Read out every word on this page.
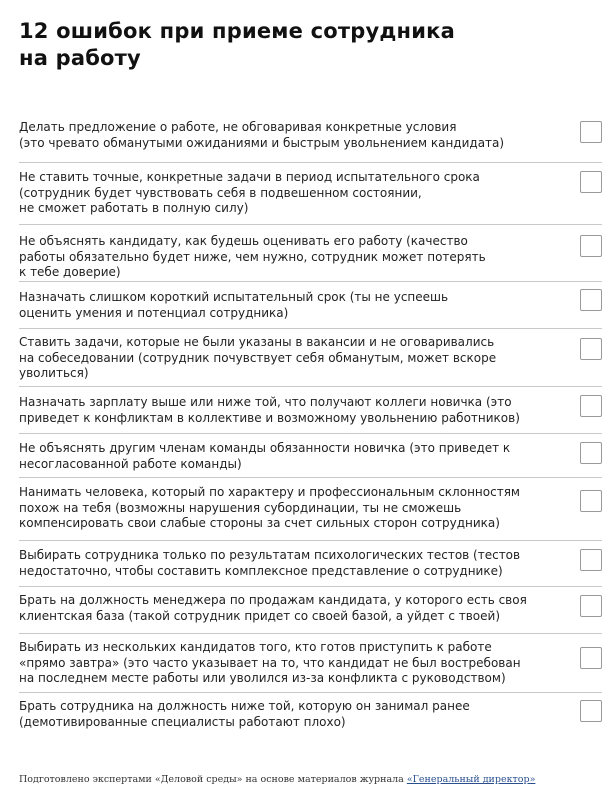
12 ошибок при приеме сотрудника
на работу
Делать предложение о работе, не обговаривая конкретные условия
(это чревато обманутыми ожиданиями и быстрым увольнением кандидата)
Не ставить точные, конкретные задачи в период испытательного срока
(сотрудник будет чувствовать себя в подвешенном состоянии,
не сможет работать в полную силу)
Не объяснять кандидату, как будешь оценивать его работу (качество
работы обязательно будет ниже, чем нужно, сотрудник может потерять
к тебе доверие)
Назначать слишком короткий испытательный срок (ты не успеешь
оценить умения и потенциал сотрудника)
Ставить задачи, которые не были указаны в вакансии и не оговаривались
на собеседовании (сотрудник почувствует себя обманутым, может вскоре
уволиться)
Назначать зарплату выше или ниже той, что получают коллеги новичка (это
приведет к конфликтам в коллективе и возможному увольнению работников)
Не объяснять другим членам команды обязанности новичка (это приведет к
несогласованной работе команды)
Нанимать человека, который по характеру и профессиональным склонностям
похож на тебя (возможны нарушения субординации, ты не сможешь
компенсировать свои слабые стороны за счет сильных сторон сотрудника)
Выбирать сотрудника только по результатам психологических тестов (тестов
недостаточно, чтобы составить комплексное представление о сотруднике)
Брать на должность менеджера по продажам кандидата, у которого есть своя
клиентская база (такой сотрудник придет со своей базой, а уйдет с твоей)
Выбирать из нескольких кандидатов того, кто готов приступить к работе
«прямо завтра» (это часто указывает на то, что кандидат не был востребован
на последнем месте работы или уволился из-за конфликта с руководством)
Брать сотрудника на должность ниже той, которую он занимал ранее
(демотивированные специалисты работают плохо)
Подготовлено экспертами «Деловой среды» на основе материалов журнала «Генеральный директор»
